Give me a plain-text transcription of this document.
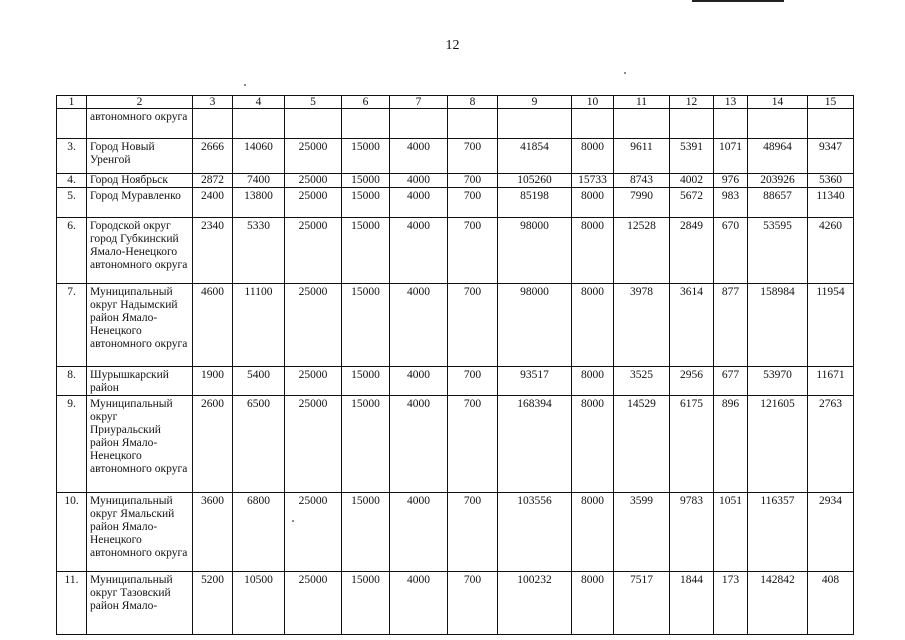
12
1	2	3	4	5	6	7	8	9	10	11	12	13	14	15
	автономного округа													
3.	Город Новый Уренгой	2666	14060	25000	15000	4000	700	41854	8000	9611	5391	1071	48964	9347
4.	Город Ноябрьск	2872	7400	25000	15000	4000	700	105260	15733	8743	4002	976	203926	5360
5.	Город Муравленко	2400	13800	25000	15000	4000	700	85198	8000	7990	5672	983	88657	11340
6.	Городской округ город Губкинский Ямало-Ненецкого автономного округа	2340	5330	25000	15000	4000	700	98000	8000	12528	2849	670	53595	4260
7.	Муниципальный округ Надымский район Ямало-Ненецкого автономного округа	4600	11100	25000	15000	4000	700	98000	8000	3978	3614	877	158984	11954
8.	Шурышкарский район	1900	5400	25000	15000	4000	700	93517	8000	3525	2956	677	53970	11671
9.	Муниципальный округ Приуральский район Ямало-Ненецкого автономного округа	2600	6500	25000	15000	4000	700	168394	8000	14529	6175	896	121605	2763
10.	Муниципальный округ Ямальский район Ямало-Ненецкого автономного округа	3600	6800	25000	15000	4000	700	103556	8000	3599	9783	1051	116357	2934
11.	Муниципальный округ Тазовский район Ямало-	5200	10500	25000	15000	4000	700	100232	8000	7517	1844	173	142842	408
